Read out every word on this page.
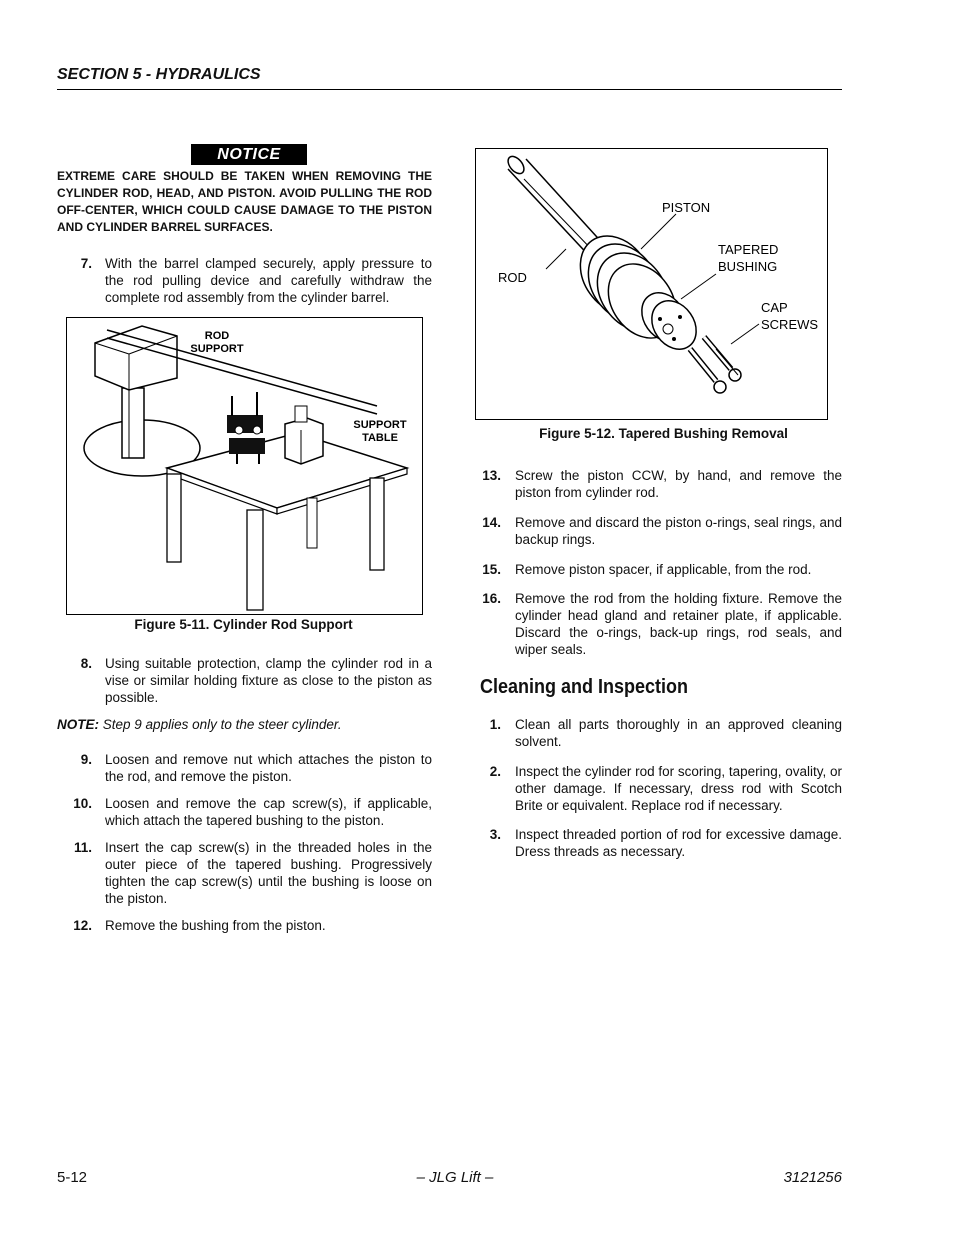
SECTION 5 - HYDRAULICS
NOTICE
EXTREME CARE SHOULD BE TAKEN WHEN REMOVING THE CYLINDER ROD, HEAD, AND PISTON. AVOID PULLING THE ROD OFF-CENTER, WHICH COULD CAUSE DAMAGE TO THE PISTON AND CYLINDER BARREL SURFACES.
7. With the barrel clamped securely, apply pressure to the rod pulling device and carefully withdraw the complete rod assembly from the cylinder barrel.
ROD
SUPPORT
SUPPORT
TABLE
Figure 5-11. Cylinder Rod Support
8. Using suitable protection, clamp the cylinder rod in a vise or similar holding fixture as close to the piston as possible.
NOTE: Step 9 applies only to the steer cylinder.
9. Loosen and remove nut which attaches the piston to the rod, and remove the piston.
10. Loosen and remove the cap screw(s), if applicable, which attach the tapered bushing to the piston.
11. Insert the cap screw(s) in the threaded holes in the outer piece of the tapered bushing. Progressively tighten the cap screw(s) until the bushing is loose on the piston.
12. Remove the bushing from the piston.
PISTON
TAPERED
BUSHING
ROD
CAP
SCREWS
Figure 5-12. Tapered Bushing Removal
13. Screw the piston CCW, by hand, and remove the piston from cylinder rod.
14. Remove and discard the piston o-rings, seal rings, and backup rings.
15. Remove piston spacer, if applicable, from the rod.
16. Remove the rod from the holding fixture. Remove the cylinder head gland and retainer plate, if applicable. Discard the o-rings, back-up rings, rod seals, and wiper seals.
Cleaning and Inspection
1. Clean all parts thoroughly in an approved cleaning solvent.
2. Inspect the cylinder rod for scoring, tapering, ovality, or other damage. If necessary, dress rod with Scotch Brite or equivalent. Replace rod if necessary.
3. Inspect threaded portion of rod for excessive damage. Dress threads as necessary.
5-12	– JLG Lift –	3121256
